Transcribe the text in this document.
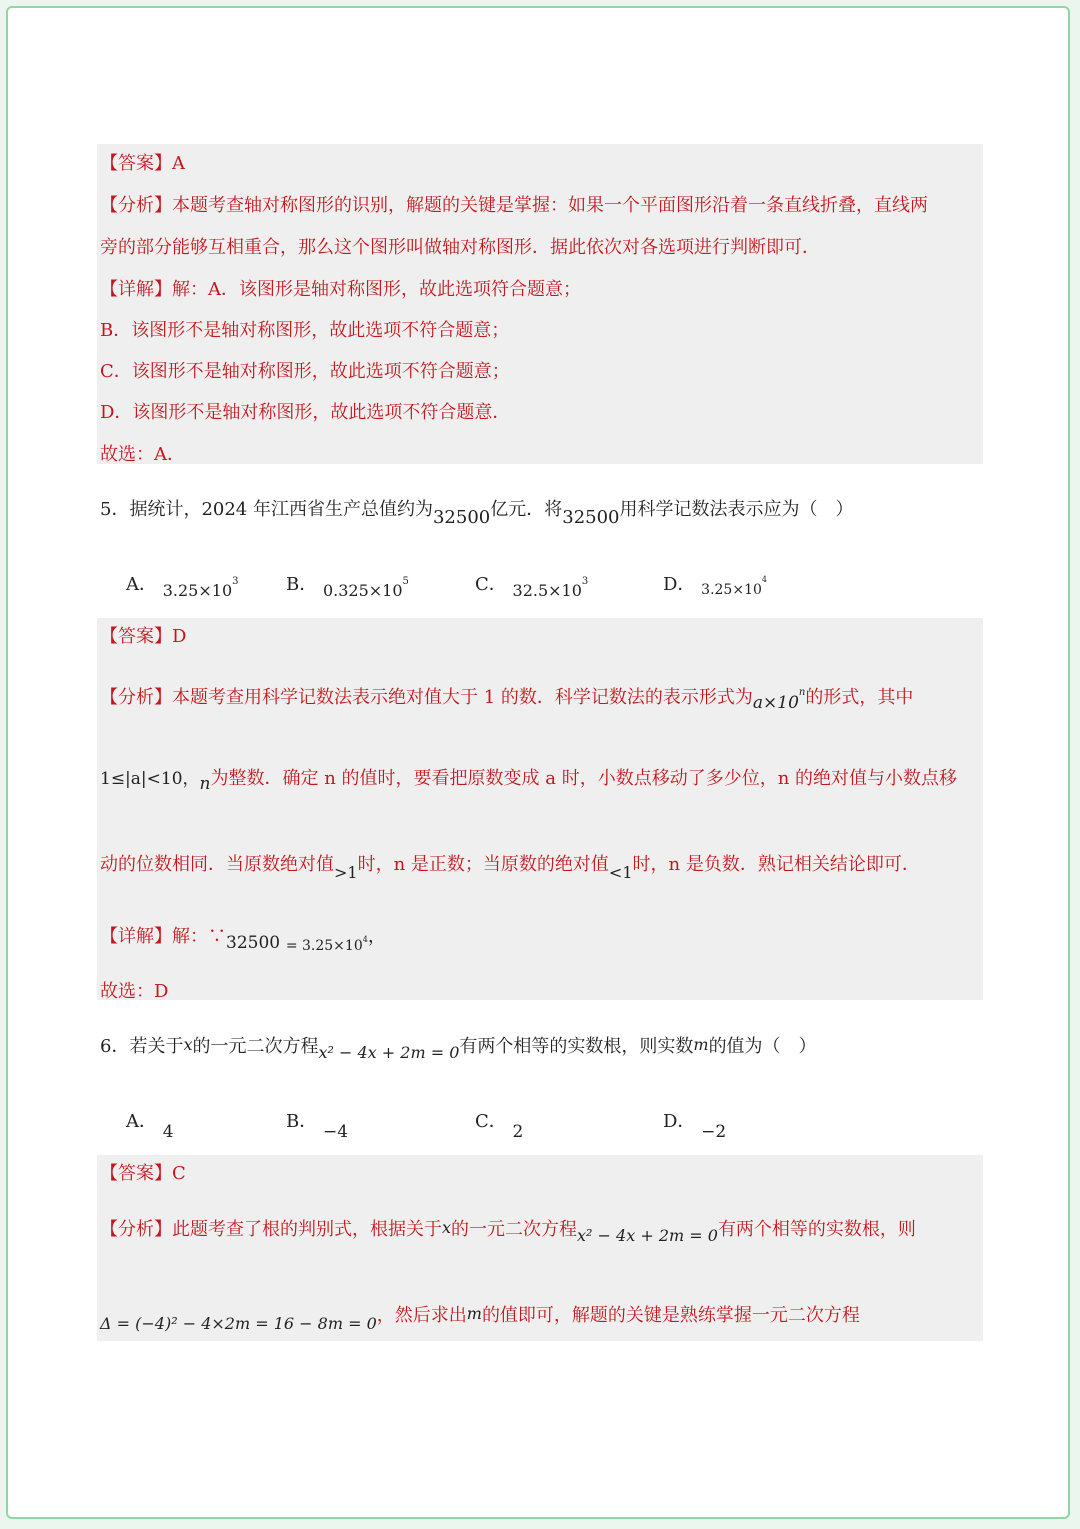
【答案】A
【分析】本题考查轴对称图形的识别，解题的关键是掌握：如果一个平面图形沿着一条直线折叠，直线两
旁的部分能够互相重合，那么这个图形叫做轴对称图形．据此依次对各选项进行判断即可．
【详解】解：A．该图形是轴对称图形，故此选项符合题意；
B．该图形不是轴对称图形，故此选项不符合题意；
C．该图形不是轴对称图形，故此选项不符合题意；
D．该图形不是轴对称图形，故此选项不符合题意．
故选：A．
5．据统计，2024 年江西省生产总值约为32500亿元．将32500用科学记数法表示应为（　）
A． $3.25\times 10^3$	B． $0.325\times 10^5$	C． $32.5\times 10^3$	D． $_{3.25\times 10}^4$
【答案】D
【分析】本题考查用科学记数法表示绝对值大于 1 的数．科学记数法的表示形式为$a\times 10^n$的形式，其中
1≤|a|<10，n为整数．确定 n 的值时，要看把原数变成 a 时，小数点移动了多少位，n 的绝对值与小数点移
动的位数相同．当原数绝对值>1时，n 是正数；当原数的绝对值<1时，n 是负数．熟记相关结论即可．
【详解】解：∵32500 $_{= 3.25\times 10}$4，
故选：D
6．若关于x的一元二次方程x² − 4x + 2m = 0有两个相等的实数根，则实数m的值为（　）
A． 4	B． −4	C． 2	D． −2
【答案】C
【分析】此题考查了根的判别式，根据关于x的一元二次方程x² − 4x + 2m = 0有两个相等的实数根，则
Δ = (−4)² − 4×2m = 16 − 8m = 0，然后求出m的值即可，解题的关键是熟练掌握一元二次方程
